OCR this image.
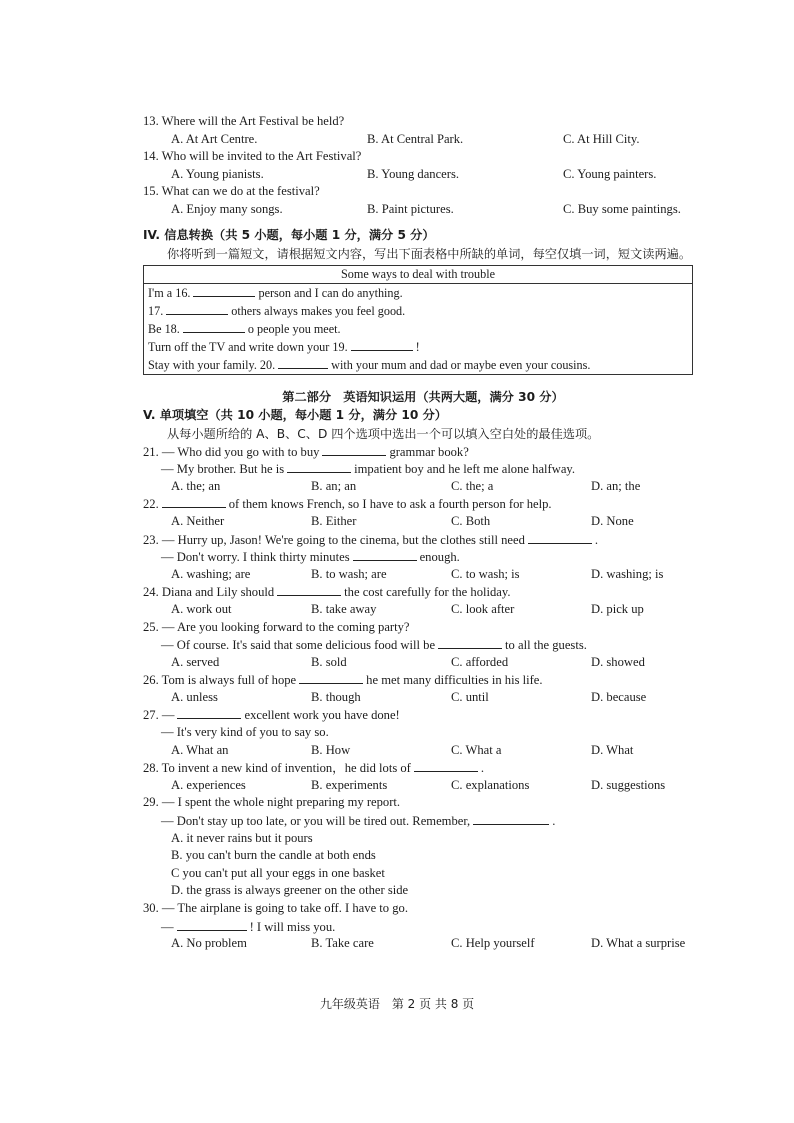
13. Where will the Art Festival be held?
A. At Art Centre.	B. At Central Park.	C. At Hill City.
14. Who will be invited to the Art Festival?
A. Young pianists.	B. Young dancers.	C. Young painters.
15. What can we do at the festival?
A. Enjoy many songs.	B. Paint pictures.	C. Buy some paintings.
IV. 信息转换（共 5 小题，每小题 1 分，满分 5 分）
你将听到一篇短文，请根据短文内容，写出下面表格中所缺的单词，每空仅填一词，短文读两遍。
Some ways to deal with trouble
I'm a 16.	person and I can do anything.
17.	others always makes you feel good.
Be 18.	o people you meet.
Turn off the TV and write down your 19.	!
Stay with your family. 20.	with your mum and dad or maybe even your cousins.
第二部分　英语知识运用（共两大题，满分 30 分）
V. 单项填空（共 10 小题，每小题 1 分，满分 10 分）
从每小题所给的 A、B、C、D 四个选项中选出一个可以填入空白处的最佳选项。
21. — Who did you go with to buy	grammar book?
— My brother. But he is	impatient boy and he left me alone halfway.
A. the; an	B. an; an	C. the; a	D. an; the
22.	of them knows French, so I have to ask a fourth person for help.
A. Neither	B. Either	C. Both	D. None
23. — Hurry up, Jason! We're going to the cinema, but the clothes still need	.
— Don't worry. I think thirty minutes	enough.
A. washing; are	B. to wash; are	C. to wash; is	D. washing; is
24. Diana and Lily should	the cost carefully for the holiday.
A. work out	B. take away	C. look after	D. pick up
25. — Are you looking forward to the coming party?
— Of course. It's said that some delicious food will be	to all the guests.
A. served	B. sold	C. afforded	D. showed
26. Tom is always full of hope	he met many difficulties in his life.
A. unless	B. though	C. until	D. because
27. —	excellent work you have done!
— It's very kind of you to say so.
A. What an	B. How	C. What a	D. What
28. To invent a new kind of invention，he did lots of	.
A. experiences	B. experiments	C. explanations	D. suggestions
29. — I spent the whole night preparing my report.
— Don't stay up too late, or you will be tired out. Remember,	.
A. it never rains but it pours
B. you can't burn the candle at both ends
C you can't put all your eggs in one basket
D. the grass is always greener on the other side
30. — The airplane is going to take off. I have to go.
—	! I will miss you.
A. No problem	B. Take care	C. Help yourself	D. What a surprise
九年级英语　第 2 页 共 8 页
